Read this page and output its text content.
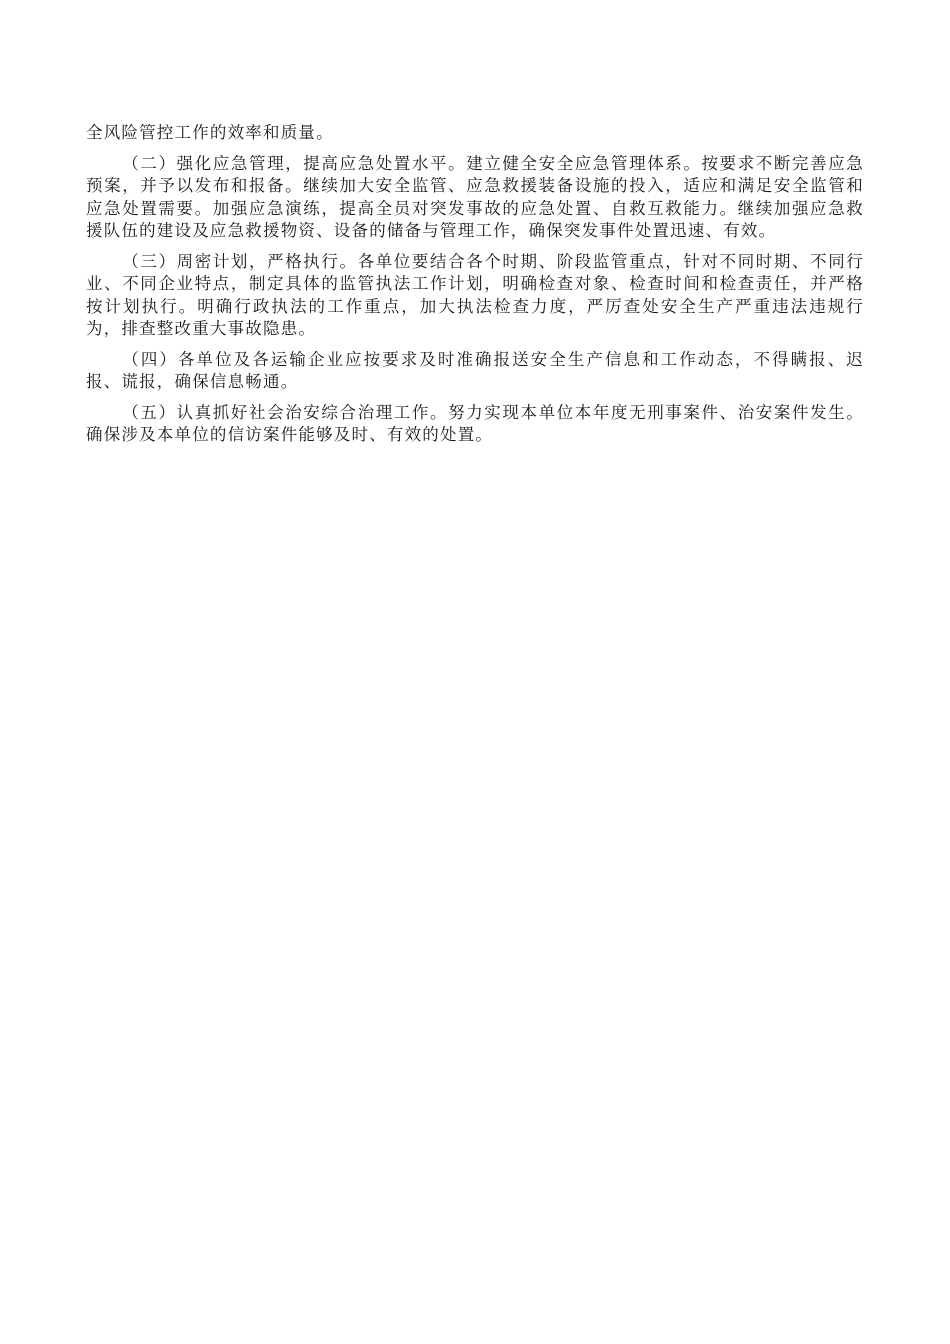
全风险管控工作的效率和质量。

（二）强化应急管理，提高应急处置水平。建立健全安全应急管理体系。按要求不断完善应急预案，并予以发布和报备。继续加大安全监管、应急救援装备设施的投入，适应和满足安全监管和应急处置需要。加强应急演练，提高全员对突发事故的应急处置、自救互救能力。继续加强应急救援队伍的建设及应急救援物资、设备的储备与管理工作，确保突发事件处置迅速、有效。

（三）周密计划，严格执行。各单位要结合各个时期、阶段监管重点，针对不同时期、不同行业、不同企业特点，制定具体的监管执法工作计划，明确检查对象、检查时间和检查责任，并严格按计划执行。明确行政执法的工作重点，加大执法检查力度，严厉查处安全生产严重违法违规行为，排查整改重大事故隐患。

（四）各单位及各运输企业应按要求及时准确报送安全生产信息和工作动态，不得瞒报、迟报、谎报，确保信息畅通。

（五）认真抓好社会治安综合治理工作。努力实现本单位本年度无刑事案件、治安案件发生。确保涉及本单位的信访案件能够及时、有效的处置。
